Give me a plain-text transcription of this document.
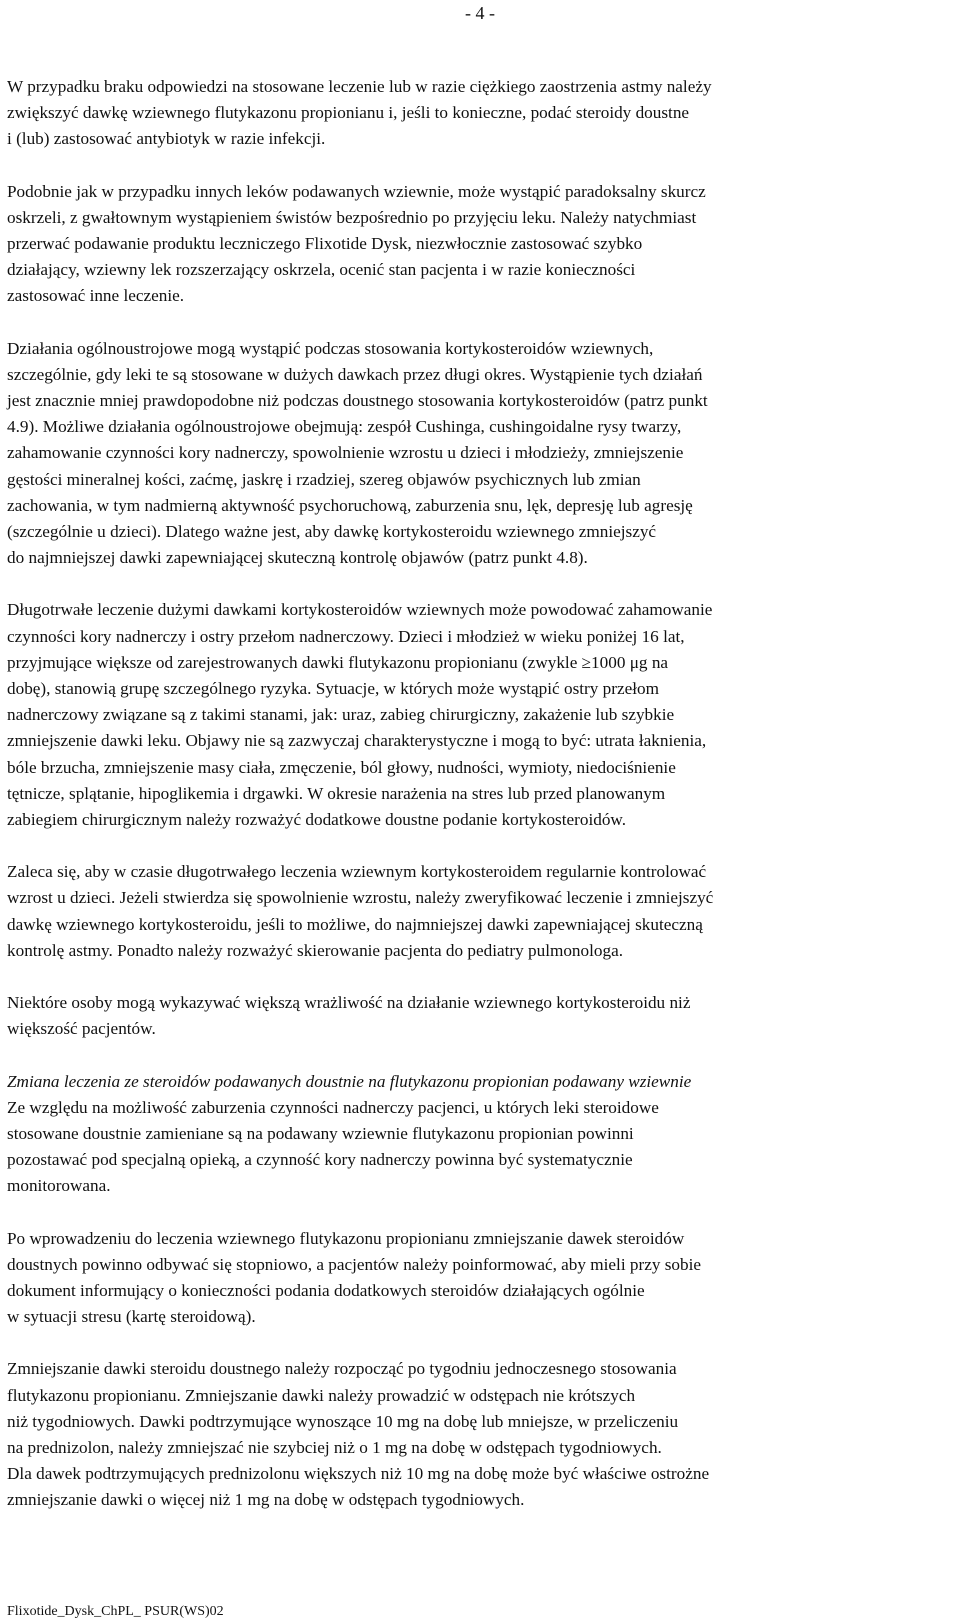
- 4 -

W przypadku braku odpowiedzi na stosowane leczenie lub w razie ciężkiego zaostrzenia astmy należy
zwiększyć dawkę wziewnego flutykazonu propionianu i, jeśli to konieczne, podać steroidy doustne
i (lub) zastosować antybiotyk w razie infekcji.

Podobnie jak w przypadku innych leków podawanych wziewnie, może wystąpić paradoksalny skurcz
oskrzeli, z gwałtownym wystąpieniem świstów bezpośrednio po przyjęciu leku. Należy natychmiast
przerwać podawanie produktu leczniczego Flixotide Dysk, niezwłocznie zastosować szybko
działający, wziewny lek rozszerzający oskrzela, ocenić stan pacjenta i w razie konieczności
zastosować inne leczenie.

Działania ogólnoustrojowe mogą wystąpić podczas stosowania kortykosteroidów wziewnych,
szczególnie, gdy leki te są stosowane w dużych dawkach przez długi okres. Wystąpienie tych działań
jest znacznie mniej prawdopodobne niż podczas doustnego stosowania kortykosteroidów (patrz punkt
4.9). Możliwe działania ogólnoustrojowe obejmują: zespół Cushinga, cushingoidalne rysy twarzy,
zahamowanie czynności kory nadnerczy, spowolnienie wzrostu u dzieci i młodzieży, zmniejszenie
gęstości mineralnej kości, zaćmę, jaskrę i rzadziej, szereg objawów psychicznych lub zmian
zachowania, w tym nadmierną aktywność psychoruchową, zaburzenia snu, lęk, depresję lub agresję
(szczególnie u dzieci). Dlatego ważne jest, aby dawkę kortykosteroidu wziewnego zmniejszyć
do najmniejszej dawki zapewniającej skuteczną kontrolę objawów (patrz punkt 4.8).

Długotrwałe leczenie dużymi dawkami kortykosteroidów wziewnych może powodować zahamowanie
czynności kory nadnerczy i ostry przełom nadnerczowy. Dzieci i młodzież w wieku poniżej 16 lat,
przyjmujące większe od zarejestrowanych dawki flutykazonu propionianu (zwykle ≥1000 μg na
dobę), stanowią grupę szczególnego ryzyka. Sytuacje, w których może wystąpić ostry przełom
nadnerczowy związane są z takimi stanami, jak: uraz, zabieg chirurgiczny, zakażenie lub szybkie
zmniejszenie dawki leku. Objawy nie są zazwyczaj charakterystyczne i mogą to być: utrata łaknienia,
bóle brzucha, zmniejszenie masy ciała, zmęczenie, ból głowy, nudności, wymioty, niedociśnienie
tętnicze, splątanie, hipoglikemia i drgawki. W okresie narażenia na stres lub przed planowanym
zabiegiem chirurgicznym należy rozważyć dodatkowe doustne podanie kortykosteroidów.

Zaleca się, aby w czasie długotrwałego leczenia wziewnym kortykosteroidem regularnie kontrolować
wzrost u dzieci. Jeżeli stwierdza się spowolnienie wzrostu, należy zweryfikować leczenie i zmniejszyć
dawkę wziewnego kortykosteroidu, jeśli to możliwe, do najmniejszej dawki zapewniającej skuteczną
kontrolę astmy. Ponadto należy rozważyć skierowanie pacjenta do pediatry pulmonologa.

Niektóre osoby mogą wykazywać większą wrażliwość na działanie wziewnego kortykosteroidu niż
większość pacjentów.

Zmiana leczenia ze steroidów podawanych doustnie na flutykazonu propionian podawany wziewnie
Ze względu na możliwość zaburzenia czynności nadnerczy pacjenci, u których leki steroidowe
stosowane doustnie zamieniane są na podawany wziewnie flutykazonu propionian powinni
pozostawać pod specjalną opieką, a czynność kory nadnerczy powinna być systematycznie
monitorowana.

Po wprowadzeniu do leczenia wziewnego flutykazonu propionianu zmniejszanie dawek steroidów
doustnych powinno odbywać się stopniowo, a pacjentów należy poinformować, aby mieli przy sobie
dokument informujący o konieczności podania dodatkowych steroidów działających ogólnie
w sytuacji stresu (kartę steroidową).

Zmniejszanie dawki steroidu doustnego należy rozpocząć po tygodniu jednoczesnego stosowania
flutykazonu propionianu. Zmniejszanie dawki należy prowadzić w odstępach nie krótszych
niż tygodniowych. Dawki podtrzymujące wynoszące 10 mg na dobę lub mniejsze, w przeliczeniu
na prednizolon, należy zmniejszać nie szybciej niż o 1 mg na dobę w odstępach tygodniowych.
Dla dawek podtrzymujących prednizolonu większych niż 10 mg na dobę może być właściwe ostrożne
zmniejszanie dawki o więcej niż 1 mg na dobę w odstępach tygodniowych.

Flixotide_Dysk_ChPL_ PSUR(WS)02
